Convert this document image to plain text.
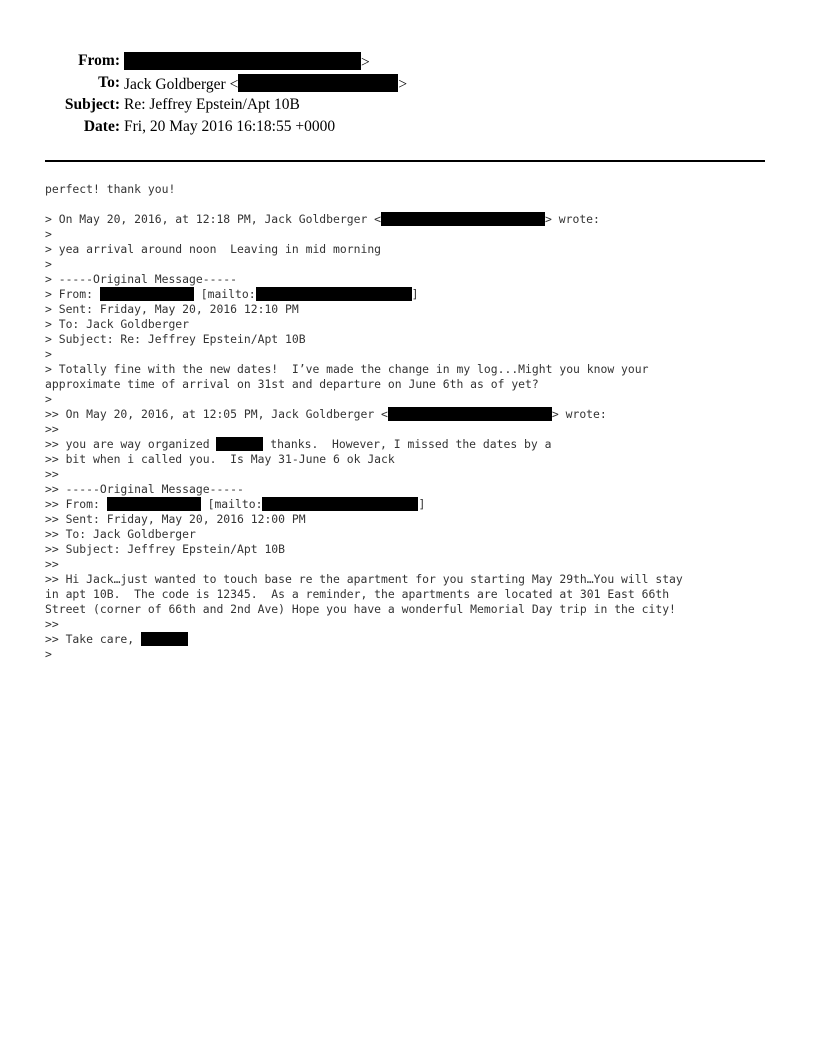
From:	>
To: Jack Goldberger <	>
Subject: Re: Jeffrey Epstein/Apt 10B
Date: Fri, 20 May 2016 16:18:55 +0000
perfect! thank you!
> On May 20, 2016, at 12:18 PM, Jack Goldberger <	> wrote:
>
> yea arrival around noon  Leaving in mid morning
>
> -----Original Message-----
> From:	[mailto:	]
> Sent: Friday, May 20, 2016 12:10 PM
> To: Jack Goldberger
> Subject: Re: Jeffrey Epstein/Apt 10B
>
> Totally fine with the new dates!  I’ve made the change in my log...Might you know your
approximate time of arrival on 31st and departure on June 6th as of yet?
>
>> On May 20, 2016, at 12:05 PM, Jack Goldberger <	> wrote:
>>
>> you are way organized	thanks.  However, I missed the dates by a
>> bit when i called you.  Is May 31-June 6 ok Jack
>>
>> -----Original Message-----
>> From:	[mailto:	]
>> Sent: Friday, May 20, 2016 12:00 PM
>> To: Jack Goldberger
>> Subject: Jeffrey Epstein/Apt 10B
>>
>> Hi Jack…just wanted to touch base re the apartment for you starting May 29th…You will stay
in apt 10B.  The code is 12345.  As a reminder, the apartments are located at 301 East 66th
Street (corner of 66th and 2nd Ave) Hope you have a wonderful Memorial Day trip in the city!
>>
>> Take care,
>
